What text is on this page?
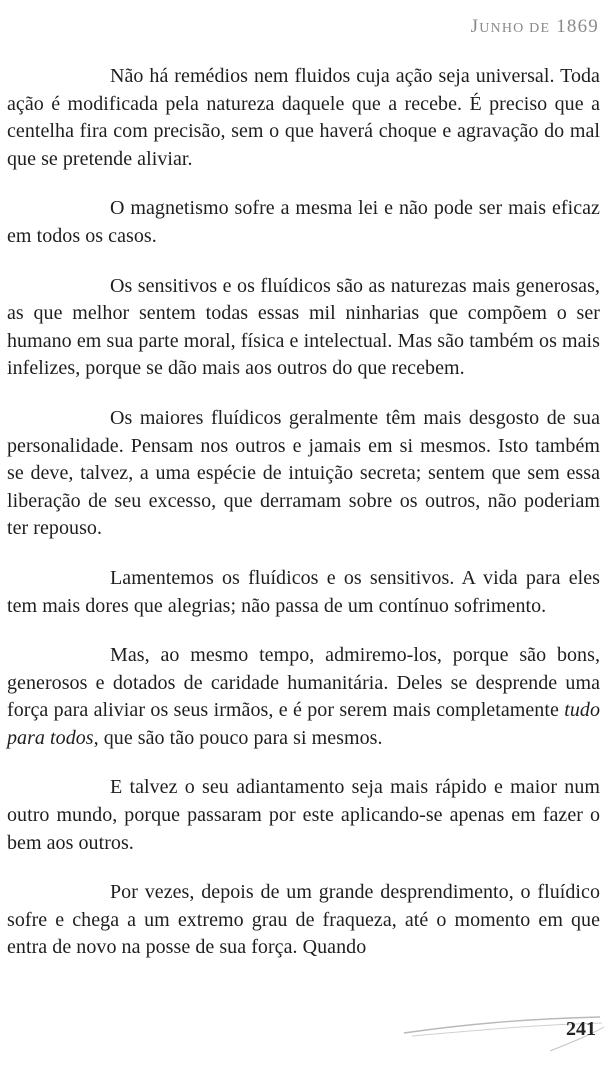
JUNHO DE 1869

Não há remédios nem fluidos cuja ação seja universal. Toda ação é modificada pela natureza daquele que a recebe. É preciso que a centelha fira com precisão, sem o que haverá choque e agravação do mal que se pretende aliviar.

O magnetismo sofre a mesma lei e não pode ser mais eficaz em todos os casos.

Os sensitivos e os fluídicos são as naturezas mais generosas, as que melhor sentem todas essas mil ninharias que compõem o ser humano em sua parte moral, física e intelectual. Mas são também os mais infelizes, porque se dão mais aos outros do que recebem.

Os maiores fluídicos geralmente têm mais desgosto de sua personalidade. Pensam nos outros e jamais em si mesmos. Isto também se deve, talvez, a uma espécie de intuição secreta; sentem que sem essa liberação de seu excesso, que derramam sobre os outros, não poderiam ter repouso.

Lamentemos os fluídicos e os sensitivos. A vida para eles tem mais dores que alegrias; não passa de um contínuo sofrimento.

Mas, ao mesmo tempo, admiremo-los, porque são bons, generosos e dotados de caridade humanitária. Deles se desprende uma força para aliviar os seus irmãos, e é por serem mais completamente tudo para todos, que são tão pouco para si mesmos.

E talvez o seu adiantamento seja mais rápido e maior num outro mundo, porque passaram por este aplicando-se apenas em fazer o bem aos outros.

Por vezes, depois de um grande desprendimento, o fluídico sofre e chega a um extremo grau de fraqueza, até o momento em que entra de novo na posse de sua força. Quando

241
